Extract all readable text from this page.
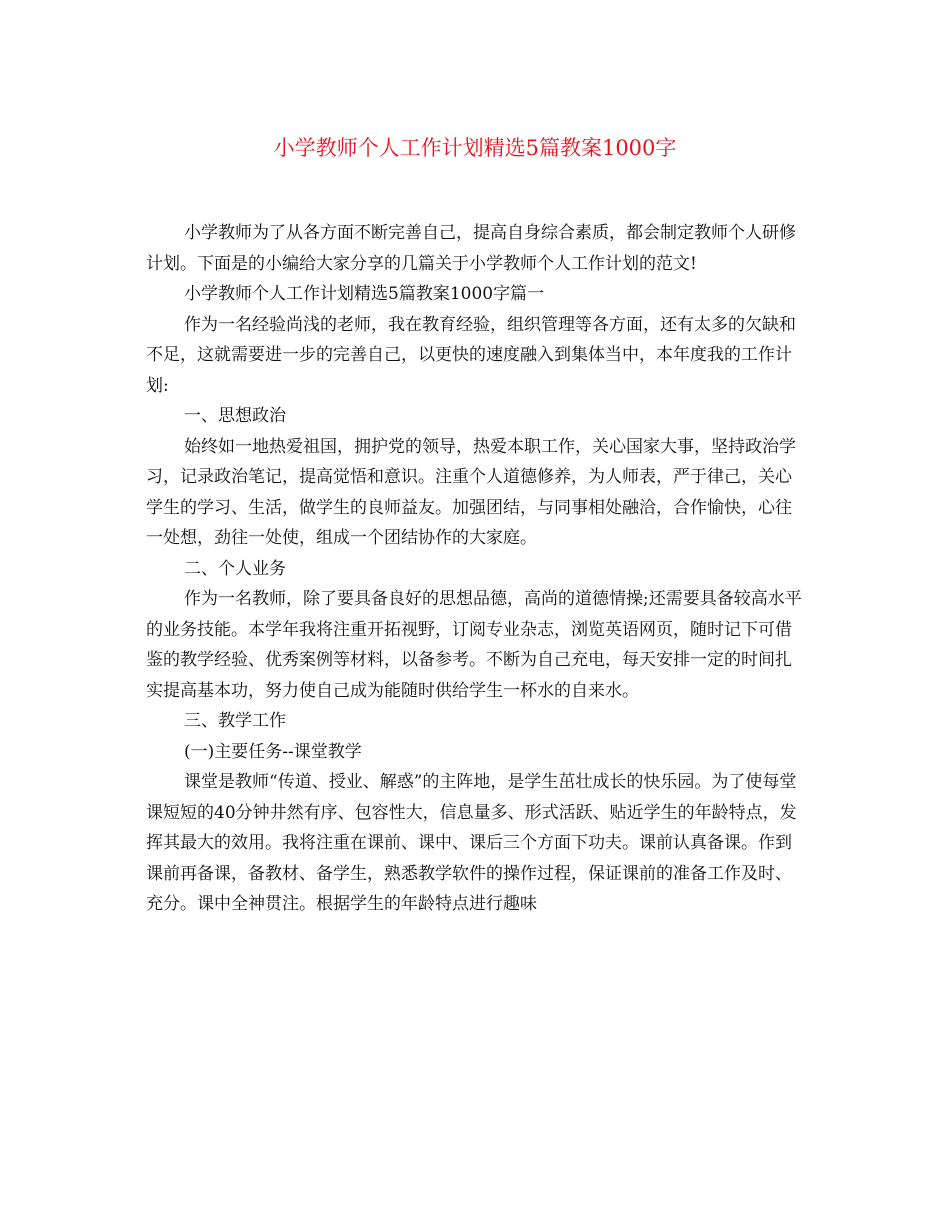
小学教师个人工作计划精选5篇教案1000字

小学教师为了从各方面不断完善自己，提高自身综合素质，都会制定教师个人研修计划。下面是的小编给大家分享的几篇关于小学教师个人工作计划的范文!

小学教师个人工作计划精选5篇教案1000字篇一

作为一名经验尚浅的老师，我在教育经验，组织管理等各方面，还有太多的欠缺和不足，这就需要进一步的完善自己，以更快的速度融入到集体当中，本年度我的工作计划:

一、思想政治

始终如一地热爱祖国，拥护党的领导，热爱本职工作，关心国家大事，坚持政治学习，记录政治笔记，提高觉悟和意识。注重个人道德修养，为人师表，严于律己，关心学生的学习、生活，做学生的良师益友。加强团结，与同事相处融洽，合作愉快，心往一处想，劲往一处使，组成一个团结协作的大家庭。

二、个人业务

作为一名教师，除了要具备良好的思想品德，高尚的道德情操;还需要具备较高水平的业务技能。本学年我将注重开拓视野，订阅专业杂志，浏览英语网页，随时记下可借鉴的教学经验、优秀案例等材料，以备参考。不断为自己充电，每天安排一定的时间扎实提高基本功，努力使自己成为能随时供给学生一杯水的自来水。

三、教学工作

(一)主要任务--课堂教学

课堂是教师“传道、授业、解惑”的主阵地，是学生茁壮成长的快乐园。为了使每堂课短短的40分钟井然有序、包容性大，信息量多、形式活跃、贴近学生的年龄特点，发挥其最大的效用。我将注重在课前、课中、课后三个方面下功夫。课前认真备课。作到课前再备课，备教材、备学生，熟悉教学软件的操作过程，保证课前的准备工作及时、充分。课中全神贯注。根据学生的年龄特点进行趣味
